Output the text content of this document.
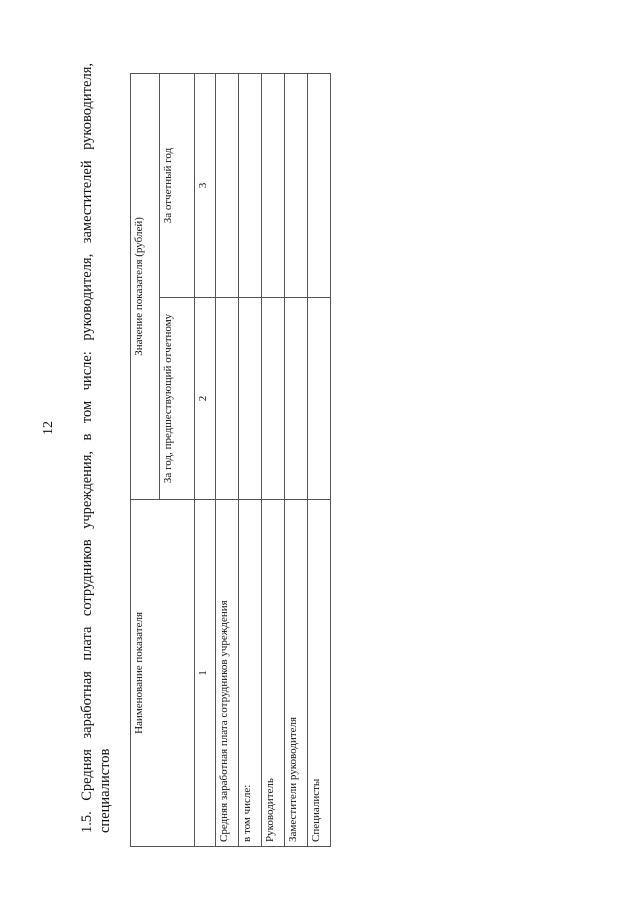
12 1.5. Средняя заработная плата сотрудников учреждения, в том числе: руководителя, заместителей руководителя, специалистов
Наименование показателя	Значение показателя (рублей)	
	За год, предшествующий отчетному	За отчетный год
1	2	3
Средняя заработная плата сотрудников учреждения		
в том числе:		
Руководитель		
Заместители руководителя		
Специалисты		
